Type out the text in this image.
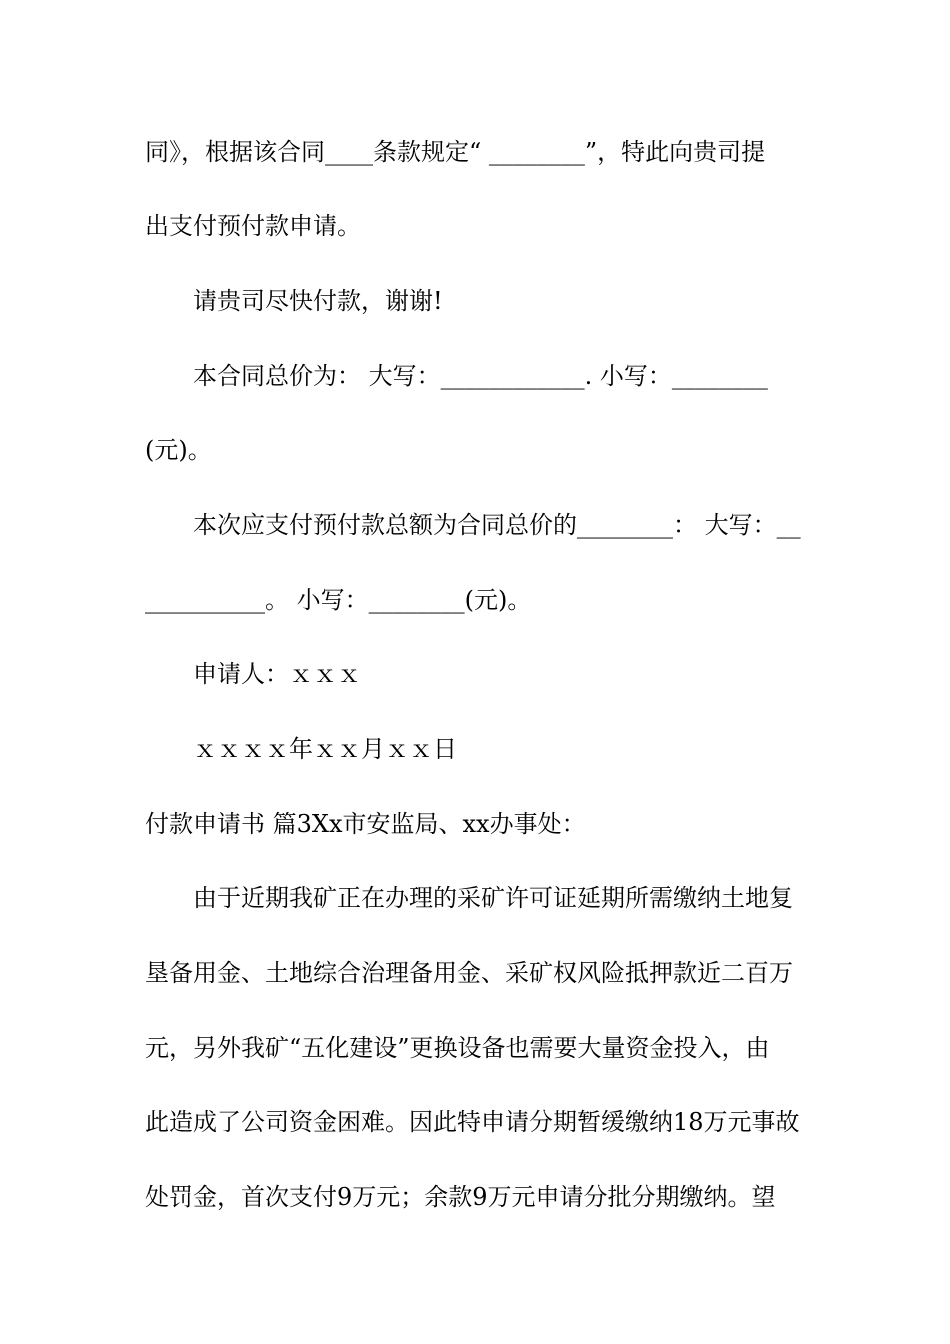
同》，根据该合同____条款规定“ ________”，特此向贵司提
出支付预付款申请。
请贵司尽快付款，谢谢!
本合同总价为： 大写：____________. 小写：________
(元)。
本次应支付预付款总额为合同总价的________： 大写：__
__________。 小写：________(元)。
申请人：ｘｘｘ
ｘｘｘｘ年ｘｘ月ｘｘ日
付款申请书 篇3Xx市安监局、xx办事处：
由于近期我矿正在办理的采矿许可证延期所需缴纳土地复
垦备用金、土地综合治理备用金、采矿权风险抵押款近二百万
元，另外我矿“五化建设”更换设备也需要大量资金投入，由
此造成了公司资金困难。因此特申请分期暂缓缴纳18万元事故
处罚金，首次支付9万元；余款9万元申请分批分期缴纳。望
